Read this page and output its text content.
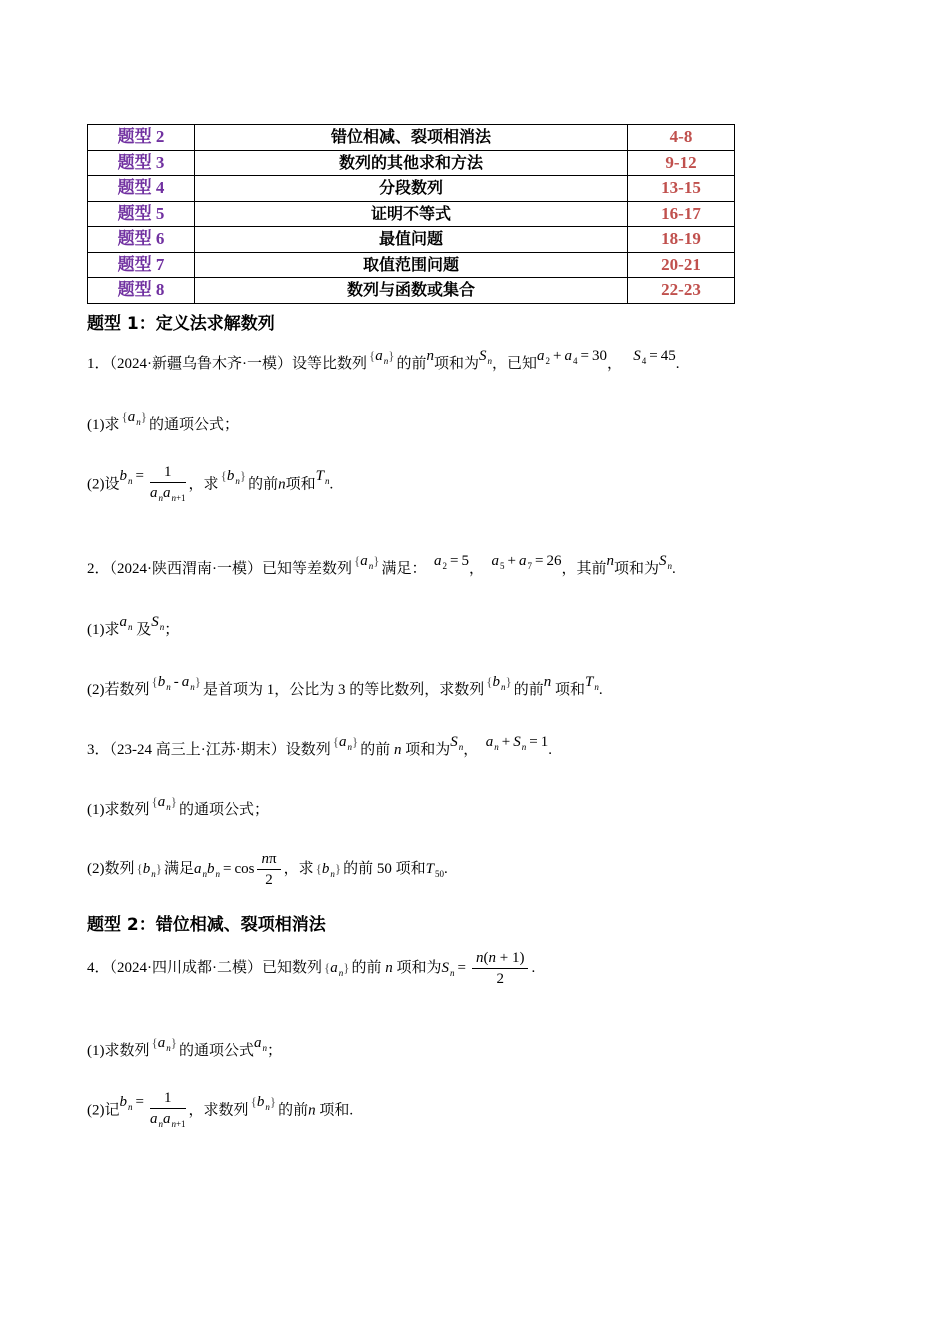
题型 2	错位相减、裂项相消法	4-8
题型 3	数列的其他求和方法	9-12
题型 4	分段数列	13-15
题型 5	证明不等式	16-17
题型 6	最值问题	18-19
题型 7	取值范围问题	20-21
题型 8	数列与函数或集合	22-23
题型 1：定义法求解数列
1．（2024·新疆乌鲁木齐·一模）设等比数列$\{a_n\}$的前n项和为$S_n$，已知$a_2 + a_4 = 30$， $S_4 = 45$.
(1)求$\{a_n\}$的通项公式；
(2)设$b_n = \frac{1}{a_na_{n+1}}$ ，求$\{b_n\}$的前n项和$T_n$.
2．（2024·陕西渭南·一模）已知等差数列$\{a_n\}$满足： $a_2 = 5$， $a_5 + a_7 = 26$，其前n项和为$S_n$.
(1)求$a_n$ 及$S_n$；
(2)若数列$\{b_n - a_n\}$是首项为 1，公比为 3 的等比数列，求数列$\{b_n\}$的前n 项和$T_n$.
3．（23-24 高三上·江苏·期末）设数列$\{a_n\}$的前 n 项和为$S_n$， $a_n + S_n = 1$.
(1)求数列$\{a_n\}$的通项公式；
(2)数列 $\{b_n\}$ 满足$a_nb_n = \cos \frac{n\pi}{2}$ ，求 $\{b_n\}$ 的前 50 项和$T_{50}$.
题型 2：错位相减、裂项相消法
4．（2024·四川成都·二模）已知数列 $\{a_n\}$ 的前 n 项和为$S_n = \frac{n(n + 1)}{2}$ .
(1)求数列$\{a_n\}$的通项公式$a_n$；
(2)记$b_n = \frac{1}{a_na_{n+1}}$ ，求数列$\{b_n\}$的前n 项和.
